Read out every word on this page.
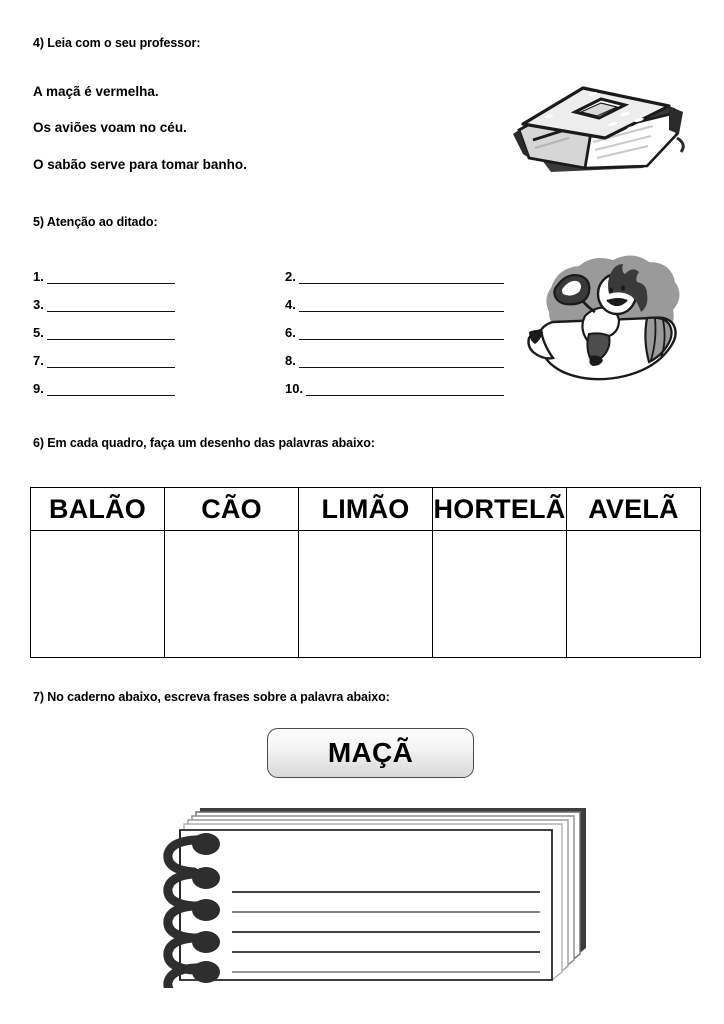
4) Leia com o seu professor:
A maçã é vermelha.
Os aviões voam no céu.
O sabão serve para tomar banho.
5) Atenção ao ditado:
1.
3.
5.
7.
9.
2.
4.
6.
8.
10.
6) Em cada quadro, faça um desenho das palavras abaixo:
BALÃO	CÃO	LIMÃO	HORTELÃ	AVELÃ

7) No caderno abaixo, escreva frases sobre a palavra abaixo:
MAÇÃ
